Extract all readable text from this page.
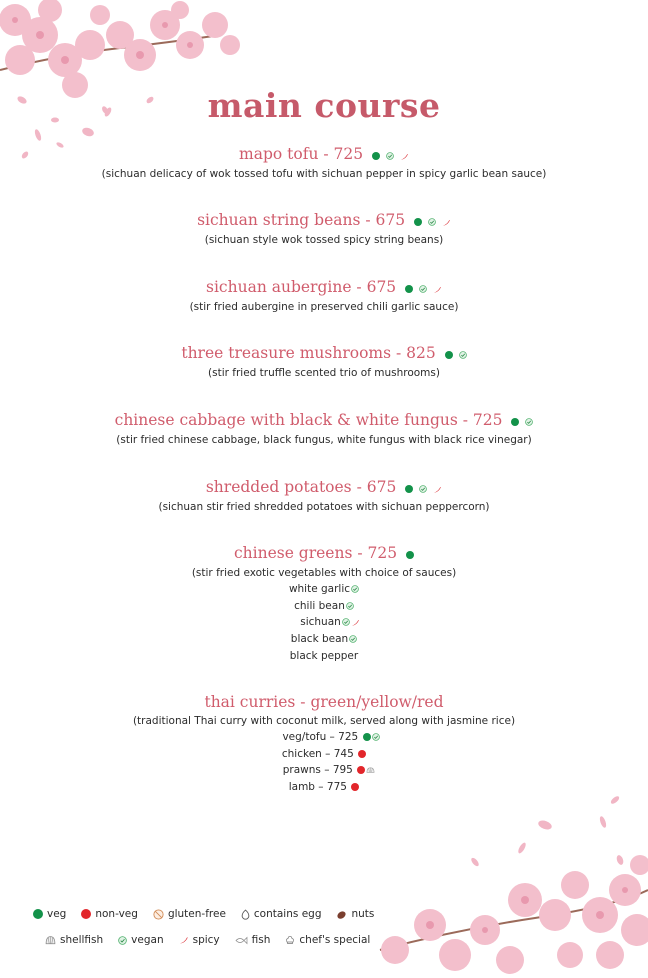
main course
mapo tofu - 725
(sichuan delicacy of wok tossed tofu with sichuan pepper in spicy garlic bean sauce)
sichuan string beans - 675
(sichuan style wok tossed spicy string beans)
sichuan aubergine - 675
(stir fried aubergine in preserved chili garlic sauce)
three treasure mushrooms - 825
(stir fried truffle scented trio of mushrooms)
chinese cabbage with black & white fungus - 725
(stir fried chinese cabbage, black fungus, white fungus with black rice vinegar)
shredded potatoes - 675
(sichuan stir fried shredded potatoes with sichuan peppercorn)
chinese greens - 725
(stir fried exotic vegetables with choice of sauces)
white garlic
chili bean
sichuan
black bean
black pepper
thai curries - green/yellow/red
(traditional Thai curry with coconut milk, served along with jasmine rice)
veg/tofu – 725
chicken – 745
prawns – 795
lamb – 775
veg	non-veg	gluten-free	contains egg	nuts
shellfish	vegan	spicy	fish	chef's special
